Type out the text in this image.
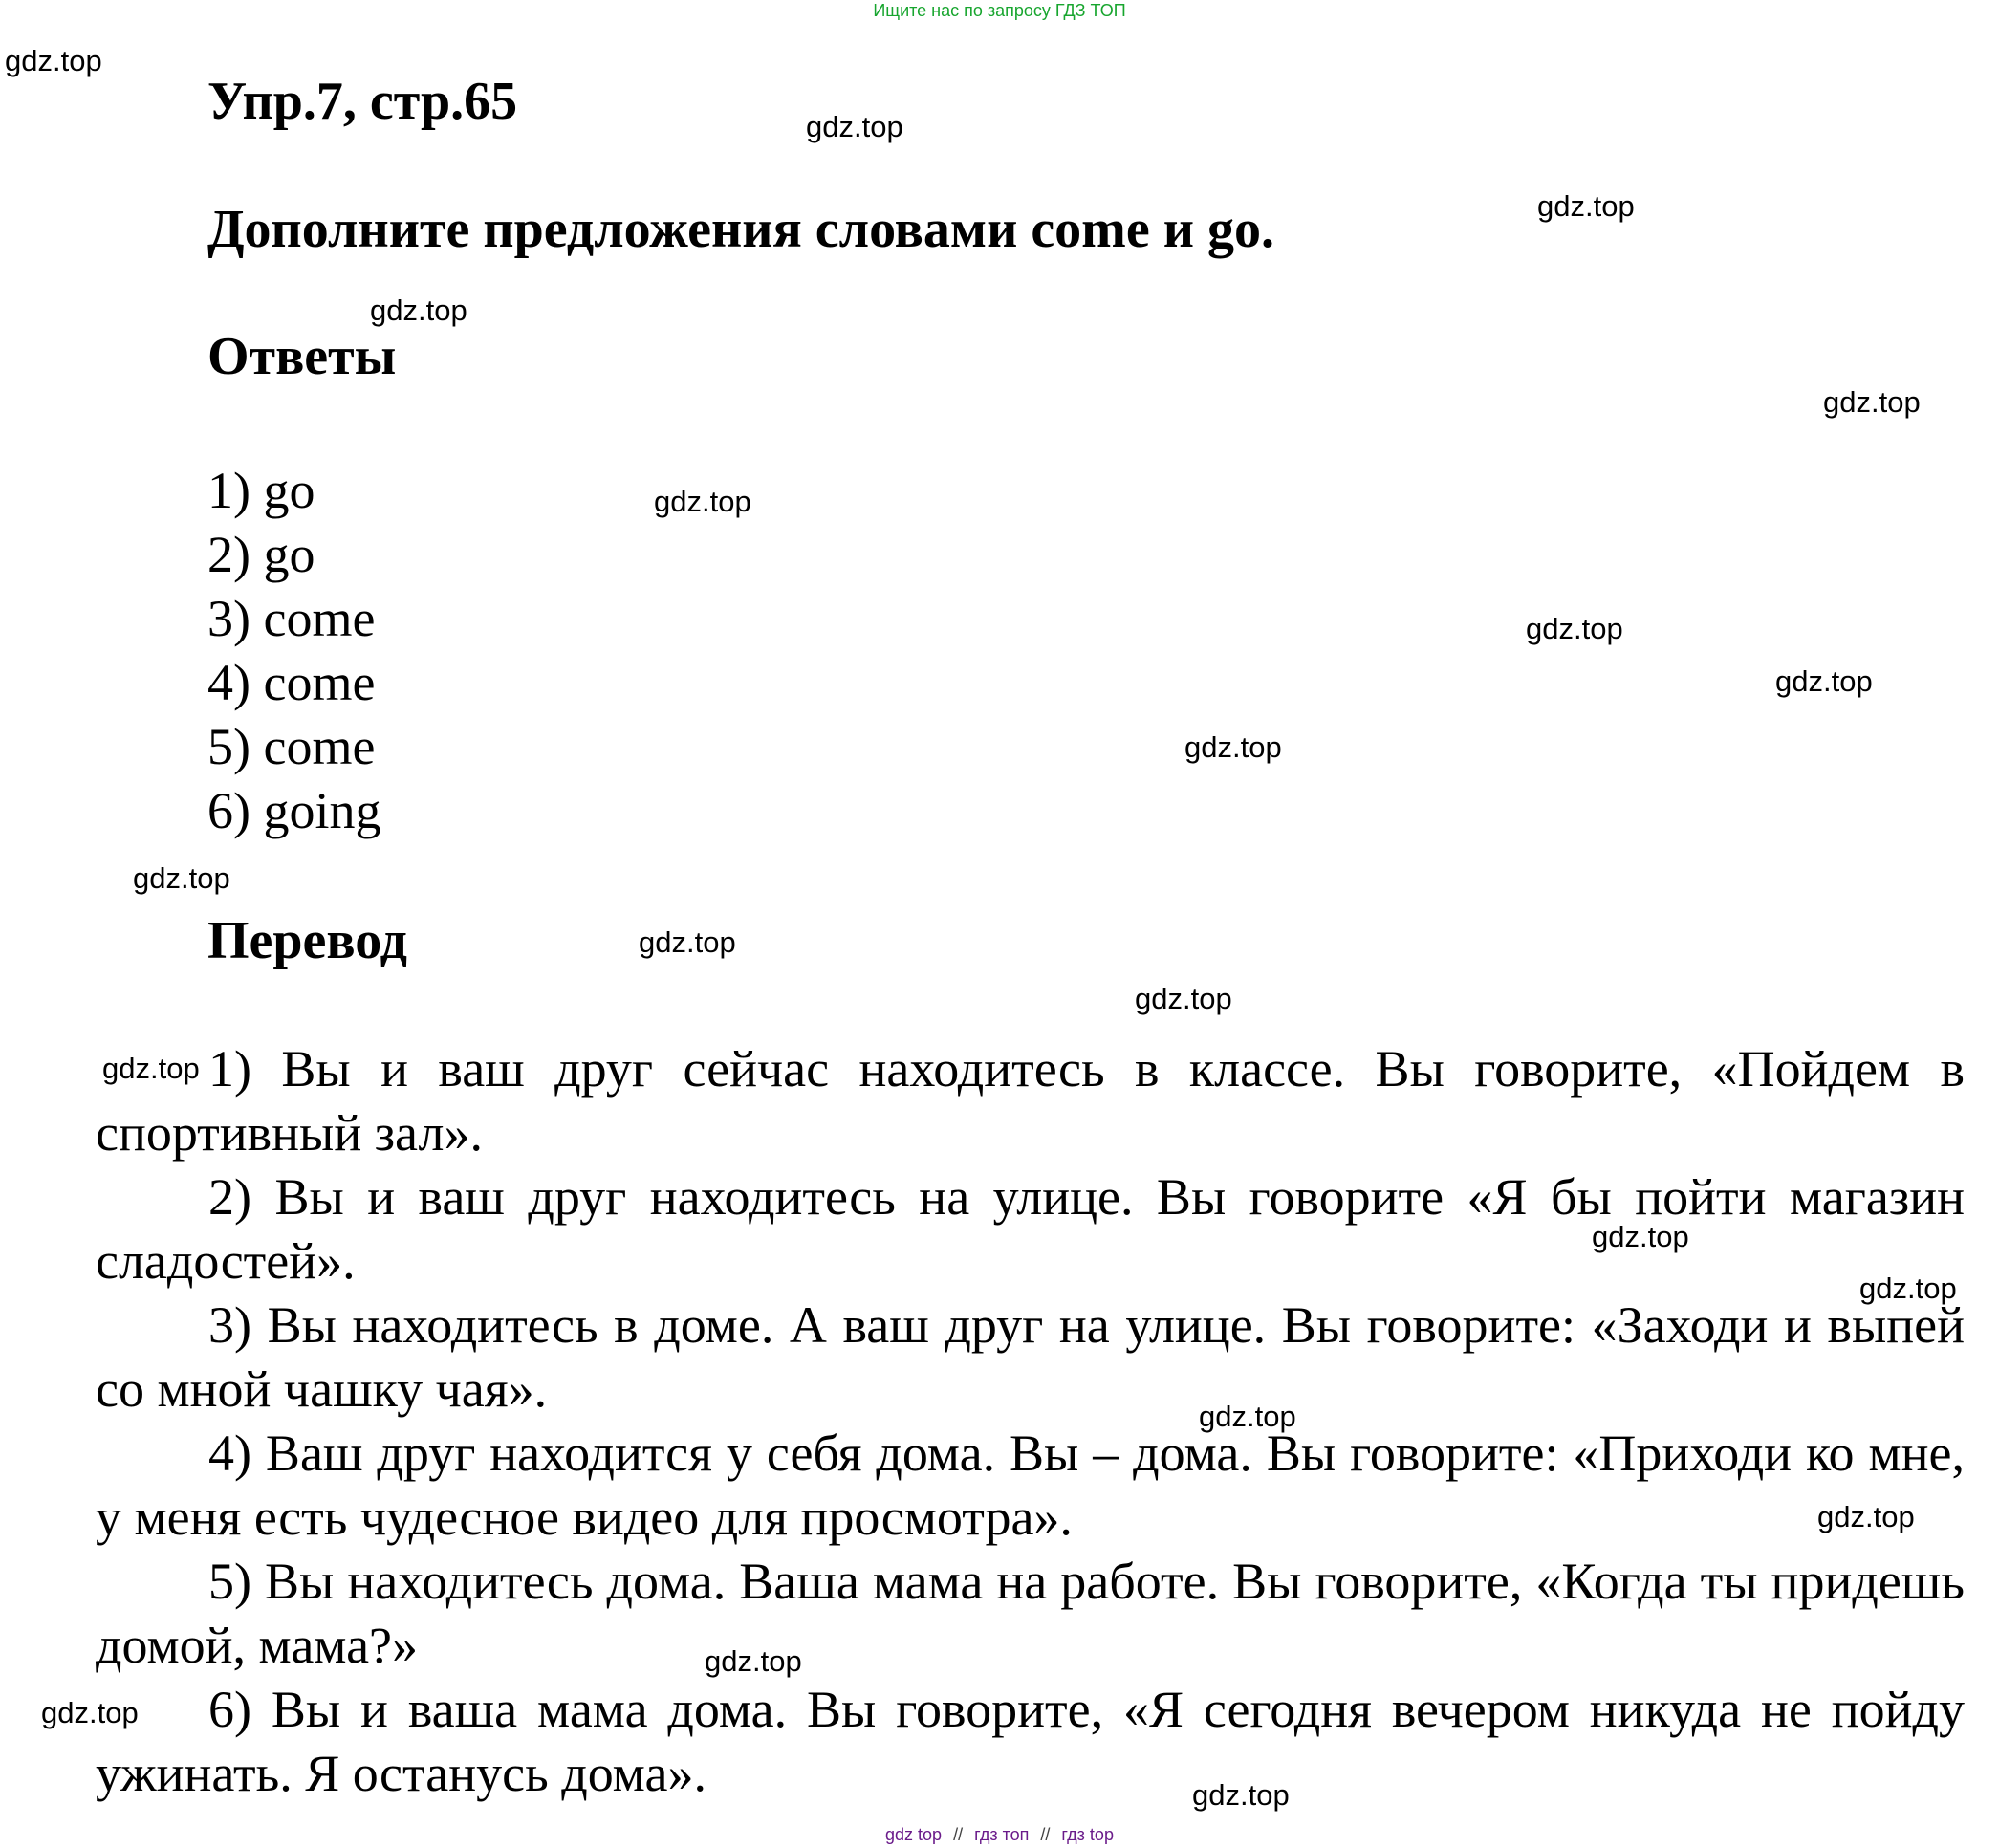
Ищите нас по запросу ГДЗ ТОП
Упр.7, стр.65
Дополните предложения словами come и go.
Ответы
1) go
2) go
3) come
4) come
5) come
6) going
Перевод

1) Вы и ваш друг сейчас находитесь в классе. Вы говорите, «Пойдем в спортивный зал».

2) Вы и ваш друг находитесь на улице. Вы говорите «Я бы пойти магазин сладостей».

3) Вы находитесь в доме. А ваш друг на улице. Вы говорите: «Заходи и выпей со мной чашку чая».

4) Ваш друг находится у себя дома. Вы – дома. Вы говорите: «Приходи ко мне, у меня есть чудесное видео для просмотра».

5) Вы находитесь дома. Ваша мама на работе. Вы говорите, «Когда ты придешь домой, мама?»

6) Вы и ваша мама дома. Вы говорите, «Я сегодня вечером никуда не пойду ужинать. Я останусь дома».

gdz.top
gdz.top
gdz.top
gdz.top
gdz.top
gdz.top
gdz.top
gdz.top
gdz.top
gdz.top
gdz.top
gdz.top
gdz.top
gdz.top
gdz.top
gdz.top
gdz.top
gdz.top
gdz.top
gdz.top
gdz top // гдз топ // гдз top
